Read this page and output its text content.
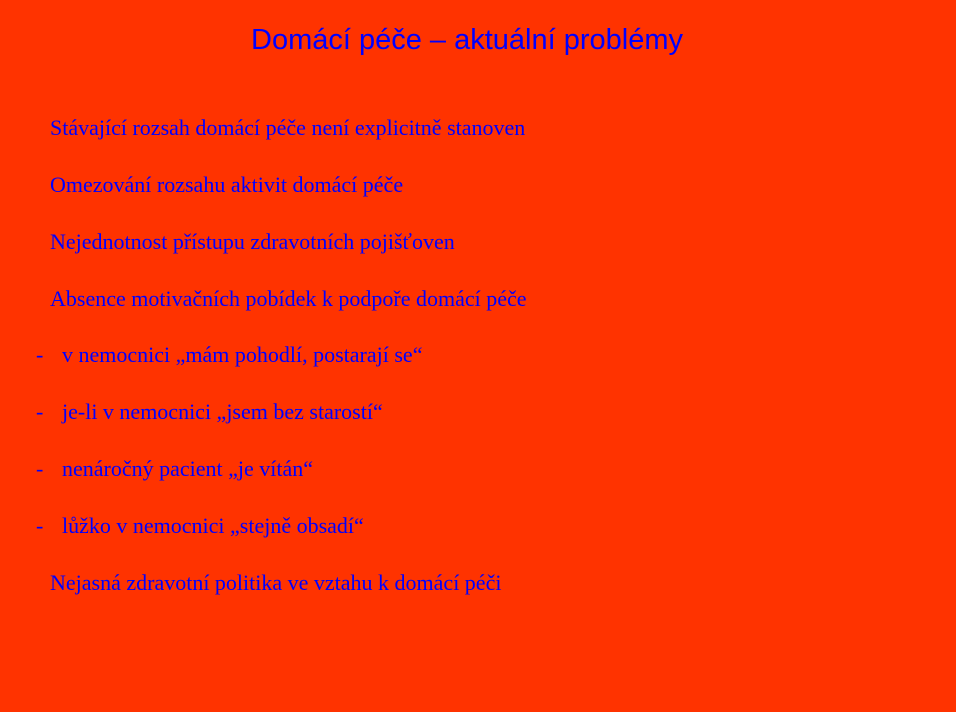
Domácí péče – aktuální problémy
Stávající rozsah domácí péče není explicitně stanoven
Omezování rozsahu aktivit domácí péče
Nejednotnost přístupu zdravotních pojišťoven
Absence motivačních pobídek k podpoře domácí péče
- v nemocnici „mám pohodlí, postarají se“
- je-li v nemocnici „jsem bez starostí“
- nenáročný pacient „je vítán“
- lůžko v nemocnici „stejně obsadí“
Nejasná zdravotní politika ve vztahu k domácí péči
